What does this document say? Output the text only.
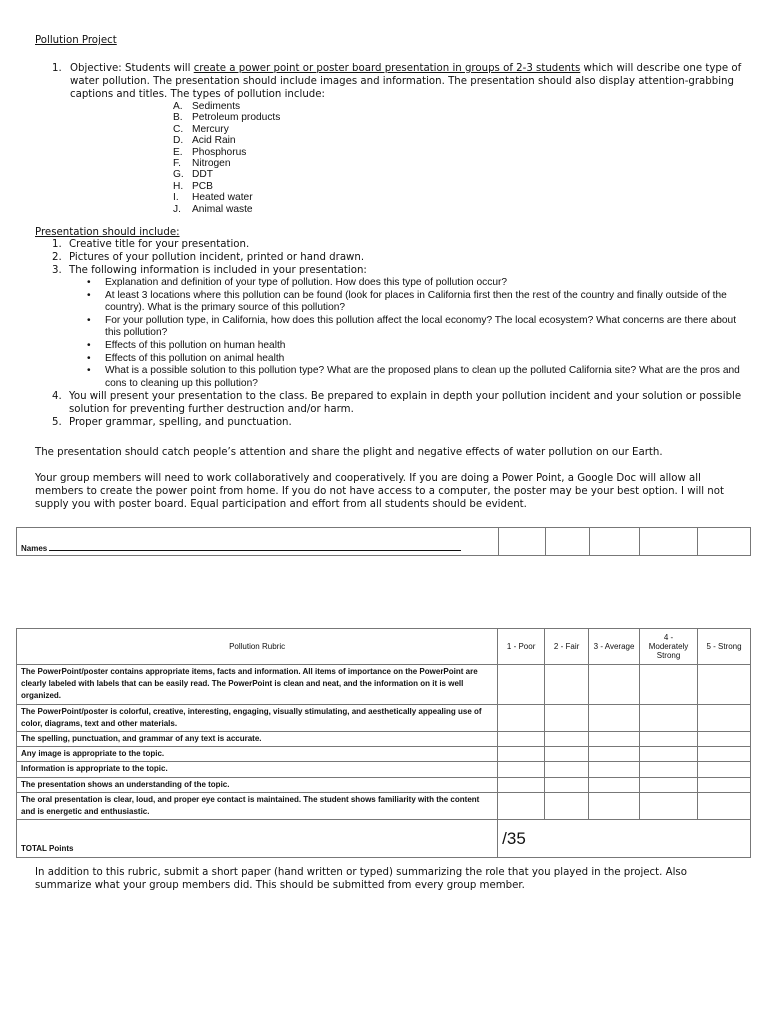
Pollution Project
1. Objective: Students will create a power point or poster board presentation in groups of 2-3 students which will describe one type of water pollution. The presentation should include images and information. The presentation should also display attention-grabbing captions and titles. The types of pollution include:
A. Sediments
B. Petroleum products
C. Mercury
D. Acid Rain
E. Phosphorus
F.	Nitrogen
G. DDT
H. PCB
I.	Heated water
J.	Animal waste
Presentation should include:
1. Creative title for your presentation.
2. Pictures of your pollution incident, printed or hand drawn.
3. The following information is included in your presentation:
• Explanation and definition of your type of pollution. How does this type of pollution occur?
• At least 3 locations where this pollution can be found (look for places in California first then the rest of the country and finally outside of the country). What is the primary source of this pollution?
• For your pollution type, in California, how does this pollution affect the local economy? The local ecosystem? What concerns are there about this pollution?
• Effects of this pollution on human health
• Effects of this pollution on animal health
• What is a possible solution to this pollution type? What are the proposed plans to clean up the polluted California site? What are the pros and cons to cleaning up this pollution?
4. You will present your presentation to the class. Be prepared to explain in depth your pollution incident and your solution or possible solution for preventing further destruction and/or harm.
5. Proper grammar, spelling, and punctuation.
The presentation should catch people’s attention and share the plight and negative effects of water pollution on our Earth.
Your group members will need to work collaboratively and cooperatively. If you are doing a Power Point, a Google Doc will allow all members to create the power point from home. If you do not have access to a computer, the poster may be your best option. I will not supply you with poster board. Equal participation and effort from all students should be evident.
Names					
Pollution Rubric	1 - Poor	2 - Fair	3 - Average	4 - Moderately Strong	5 - Strong
The PowerPoint/poster contains appropriate items, facts and information. All items of importance on the PowerPoint are clearly labeled with labels that can be easily read. The PowerPoint is clean and neat, and the information on it is well organized.					
The PowerPoint/poster is colorful, creative, interesting, engaging, visually stimulating, and aesthetically appealing use of color, diagrams, text and other materials.					
The spelling, punctuation, and grammar of any text is accurate.					
Any image is appropriate to the topic.					
Information is appropriate to the topic.					
The presentation shows an understanding of the topic.					
The oral presentation is clear, loud, and proper eye contact is maintained. The student shows familiarity with the content and is energetic and enthusiastic.					
TOTAL Points	/35				
In addition to this rubric, submit a short paper (hand written or typed) summarizing the role that you played in the project. Also summarize what your group members did. This should be submitted from every group member.
